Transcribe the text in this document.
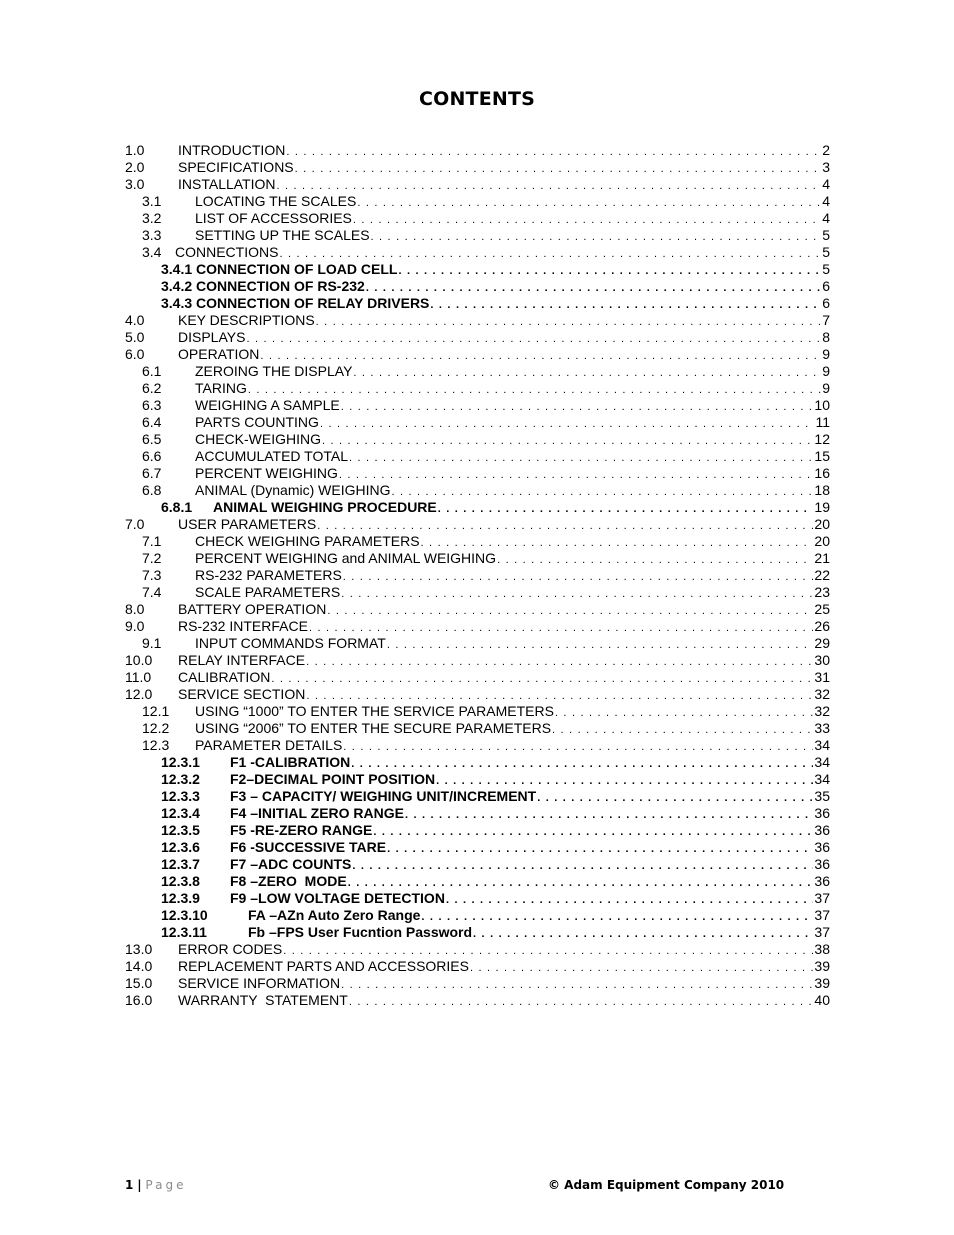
CONTENTS
1.0 INTRODUCTION . . .	2
2.0 SPECIFICATIONS . . .	3
3.0 INSTALLATION . . .	4
3.1 LOCATING THE SCALES . . .	4
3.2 LIST OF ACCESSORIES . . .	4
3.3 SETTING UP THE SCALES . . .	5
3.4 CONNECTIONS . . .	5
3.4.1 CONNECTION OF LOAD CELL . . .	5
3.4.2 CONNECTION OF RS-232 . . .	6
3.4.3 CONNECTION OF RELAY DRIVERS . . .	6
4.0 KEY DESCRIPTIONS . . .	7
5.0 DISPLAYS . . .	8
6.0 OPERATION . . .	9
6.1 ZEROING THE DISPLAY . . .	9
6.2 TARING . . .	9
6.3 WEIGHING A SAMPLE . . .	10
6.4 PARTS COUNTING . . .	11
6.5 CHECK-WEIGHING . . .	12
6.6 ACCUMULATED TOTAL . . .	15
6.7 PERCENT WEIGHING . . .	16
6.8 ANIMAL (Dynamic) WEIGHING . . .	18
6.8.1 ANIMAL WEIGHING PROCEDURE . . .	19
7.0 USER PARAMETERS . . .	20
7.1 CHECK WEIGHING PARAMETERS . . .	20
7.2 PERCENT WEIGHING and ANIMAL WEIGHING . . .	21
7.3 RS-232 PARAMETERS . . .	22
7.4 SCALE PARAMETERS . . .	23
8.0 BATTERY OPERATION . . .	25
9.0 RS-232 INTERFACE . . .	26
9.1 INPUT COMMANDS FORMAT . . .	29
10.0 RELAY INTERFACE . . .	30
11.0 CALIBRATION . . .	31
12.0 SERVICE SECTION . . .	32
12.1 USING “1000” TO ENTER THE SERVICE PARAMETERS . . .	32
12.2 USING “2006” TO ENTER THE SECURE PARAMETERS . . .	33
12.3 PARAMETER DETAILS . . .	34
12.3.1 F1 -CALIBRATION . . .	34
12.3.2 F2–DECIMAL POINT POSITION . . .	34
12.3.3 F3 – CAPACITY/ WEIGHING UNIT/INCREMENT . . .	35
12.3.4 F4 –INITIAL ZERO RANGE . . .	36
12.3.5 F5 -RE-ZERO RANGE . . .	36
12.3.6 F6 -SUCCESSIVE TARE . . .	36
12.3.7 F7 –ADC COUNTS . . .	36
12.3.8 F8 –ZERO  MODE . . .	36
12.3.9 F9 –LOW VOLTAGE DETECTION . . .	37
12.3.10	FA –AZn Auto Zero Range . . .	37
12.3.11	Fb –FPS User Fucntion Password . . .	37
13.0 ERROR CODES . . .	38
14.0 REPLACEMENT PARTS AND ACCESSORIES . . .	39
15.0 SERVICE INFORMATION . . .	39
16.0 WARRANTY  STATEMENT . . .	40
1 | Page	© Adam Equipment Company 2010
